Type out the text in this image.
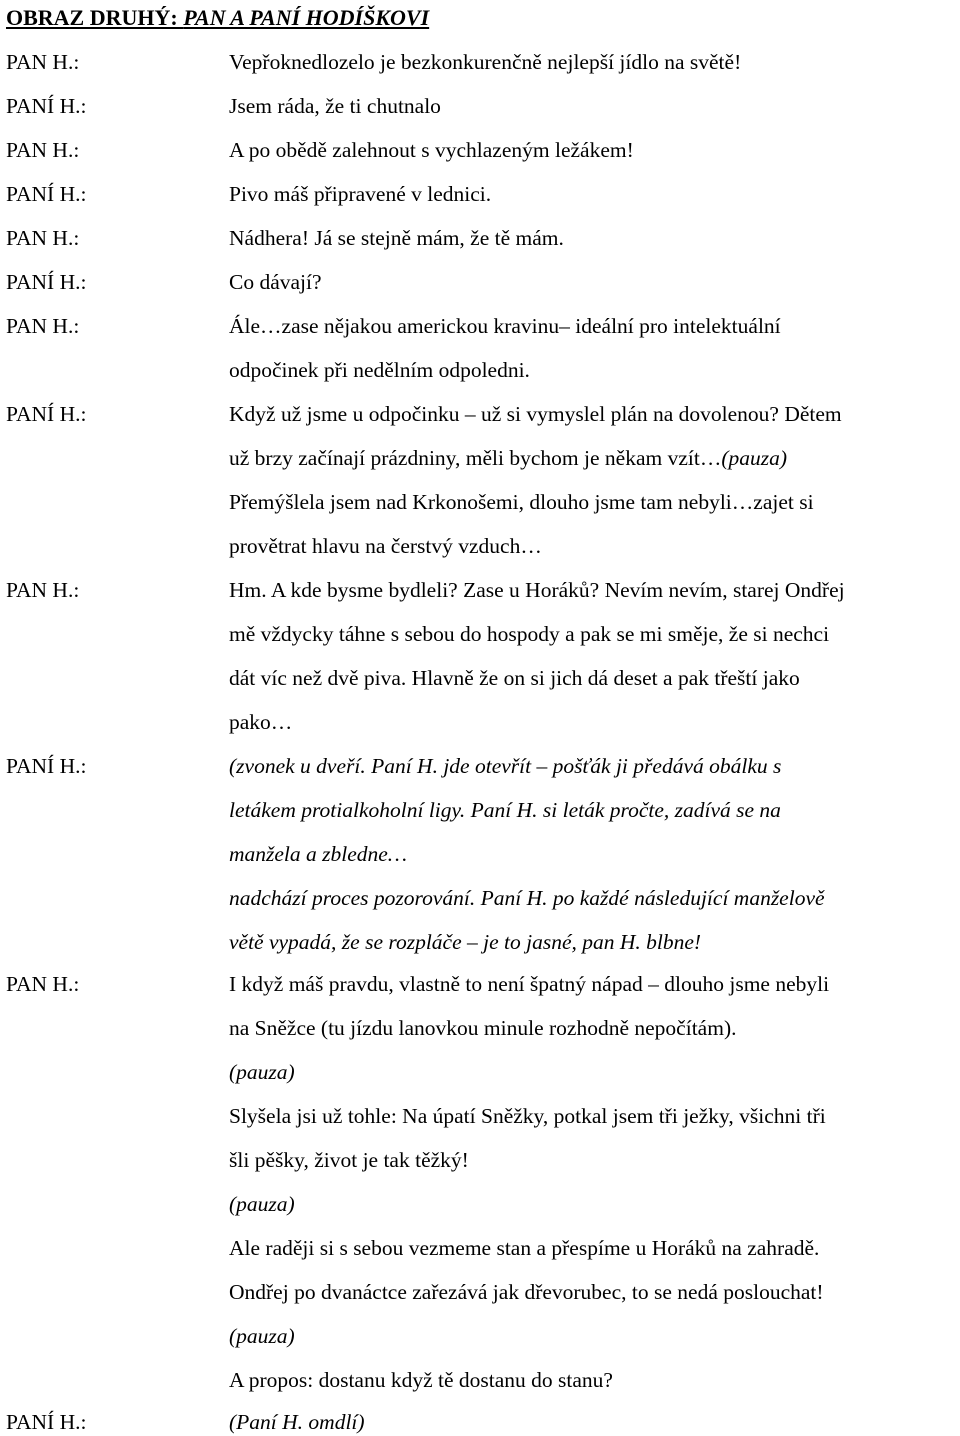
OBRAZ DRUHÝ: PAN A PANÍ HODÍŠKOVI
PAN H.:
PANÍ H.:
PAN H.:
PANÍ H.:
PAN H.:
PANÍ H.:
PAN H.:
PANÍ H.:
PAN H.:
PANÍ H.:
PAN H.:
PANÍ H.:
Vepřoknedlozelo je bezkonkurenčně nejlepší jídlo na světě!
Jsem ráda, že ti chutnalo
A po obědě zalehnout s vychlazeným ležákem!
Pivo máš připravené v lednici.
Nádhera! Já se stejně mám, že tě mám.
Co dávají?
Ále…zase nějakou americkou kravinu– ideální pro intelektuální
odpočinek při nedělním odpoledni.
Když už jsme u odpočinku – už si vymyslel plán na dovolenou? Dětem
už brzy začínají prázdniny, měli bychom je někam vzít…(pauza)
Přemýšlela jsem nad Krkonošemi, dlouho jsme tam nebyli…zajet si
provětrat hlavu na čerstvý vzduch…
Hm. A kde bysme bydleli? Zase u Horáků? Nevím nevím, starej Ondřej
mě vždycky táhne s sebou do hospody a pak se mi směje, že si nechci
dát víc než dvě piva. Hlavně že on si jich dá deset a pak třeští jako
pako…
(zvonek u dveří. Paní H. jde otevřít – pošťák ji předává obálku s
letákem protialkoholní ligy. Paní H. si leták pročte, zadívá se na
manžela a zbledne…
nadchází proces pozorování. Paní H. po každé následující manželově
větě vypadá, že se rozpláče – je to jasné, pan H. blbne!
I když máš pravdu, vlastně to není špatný nápad – dlouho jsme nebyli
na Sněžce (tu jízdu lanovkou minule rozhodně nepočítám).
(pauza)
Slyšela jsi už tohle: Na úpatí Sněžky, potkal jsem tři ježky, všichni tři
šli pěšky, život je tak těžký!
(pauza)
Ale raději si s sebou vezmeme stan a přespíme u Horáků na zahradě.
Ondřej po dvanáctce zařezává jak dřevorubec, to se nedá poslouchat!
(pauza)
A propos: dostanu když tě dostanu do stanu?
(Paní H. omdlí)
